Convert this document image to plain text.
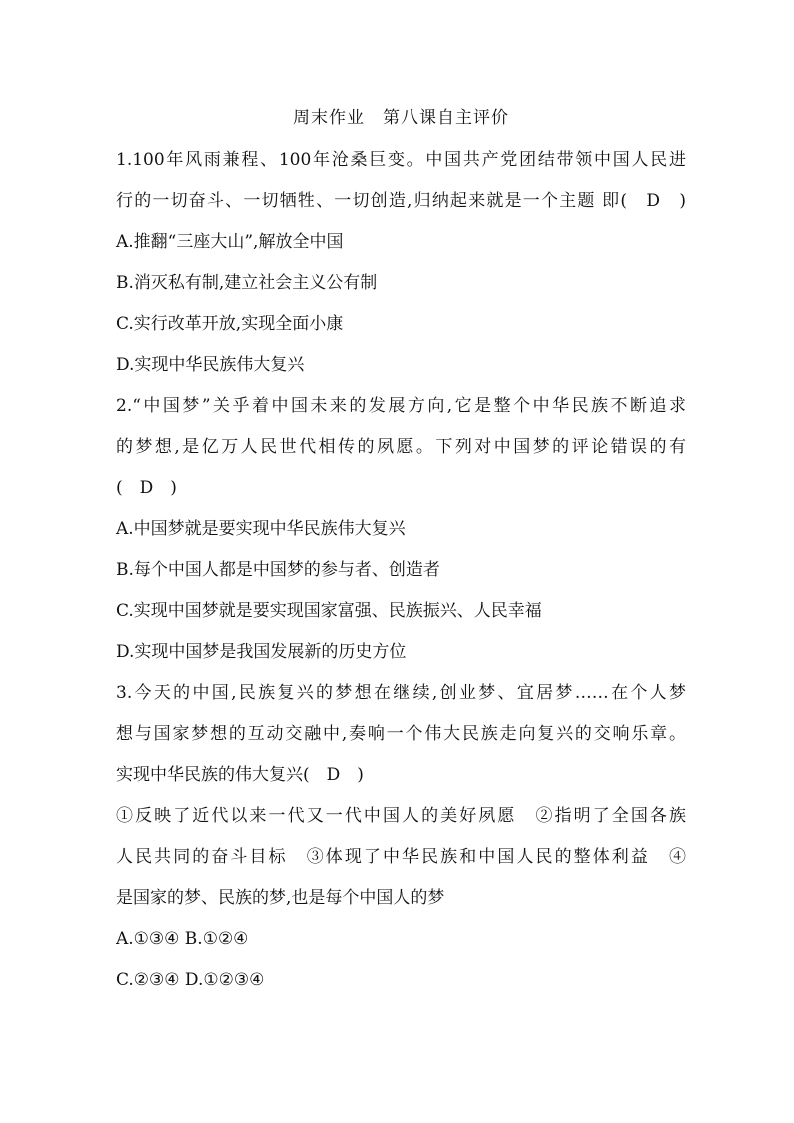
周末作业　第八课自主评价
1.100年风雨兼程、100年沧桑巨变。中国共产党团结带领中国人民进
行的一切奋斗、一切牺牲、一切创造,归纳起来就是一个主题 即(　D　)
A.推翻“三座大山”,解放全中国
B.消灭私有制,建立社会主义公有制
C.实行改革开放,实现全面小康
D.实现中华民族伟大复兴
2.“中国梦”关乎着中国未来的发展方向,它是整个中华民族不断追求
的梦想,是亿万人民世代相传的夙愿。下列对中国梦的评论错误的有
(　D　)
A.中国梦就是要实现中华民族伟大复兴
B.每个中国人都是中国梦的参与者、创造者
C.实现中国梦就是要实现国家富强、民族振兴、人民幸福
D.实现中国梦是我国发展新的历史方位
3.今天的中国,民族复兴的梦想在继续,创业梦、宜居梦……在个人梦
想与国家梦想的互动交融中,奏响一个伟大民族走向复兴的交响乐章。
实现中华民族的伟大复兴(　D　)
①反映了近代以来一代又一代中国人的美好夙愿　②指明了全国各族
人民共同的奋斗目标　③体现了中华民族和中国人民的整体利益　④
是国家的梦、民族的梦,也是每个中国人的梦
A.①③④ B.①②④
C.②③④ D.①②③④
